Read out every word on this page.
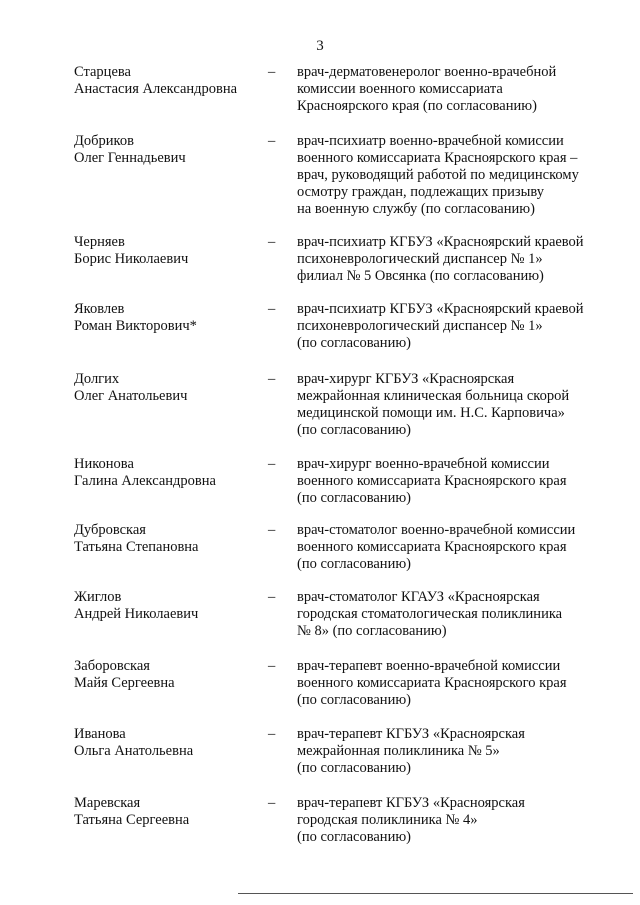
3
Старцева
Анастасия Александровна
– врач-дерматовенеролог военно-врачебной
комиссии военного комиссариата
Красноярского края (по согласованию)
Добриков
Олег Геннадьевич
– врач-психиатр военно-врачебной комиссии
военного комиссариата Красноярского края –
врач, руководящий работой по медицинскому
осмотру граждан, подлежащих призыву
на военную службу (по согласованию)
Черняев
Борис Николаевич
– врач-психиатр КГБУЗ «Красноярский краевой
психоневрологический диспансер № 1»
филиал № 5 Овсянка (по согласованию)
Яковлев
Роман Викторович*
– врач-психиатр КГБУЗ «Красноярский краевой
психоневрологический диспансер № 1»
(по согласованию)
Долгих
Олег Анатольевич
– врач-хирург КГБУЗ «Красноярская
межрайонная клиническая больница скорой
медицинской помощи им. Н.С. Карповича»
(по согласованию)
Никонова
Галина Александровна
– врач-хирург военно-врачебной комиссии
военного комиссариата Красноярского края
(по согласованию)
Дубровская
Татьяна Степановна
– врач-стоматолог военно-врачебной комиссии
военного комиссариата Красноярского края
(по согласованию)
Жиглов
Андрей Николаевич
– врач-стоматолог КГАУЗ «Красноярская
городская стоматологическая поликлиника
№ 8» (по согласованию)
Заборовская
Майя Сергеевна
– врач-терапевт военно-врачебной комиссии
военного комиссариата Красноярского края
(по согласованию)
Иванова
Ольга Анатольевна
– врач-терапевт КГБУЗ «Красноярская
межрайонная поликлиника № 5»
(по согласованию)
Маревская
Татьяна Сергеевна
– врач-терапевт КГБУЗ «Красноярская
городская поликлиника № 4»
(по согласованию)
